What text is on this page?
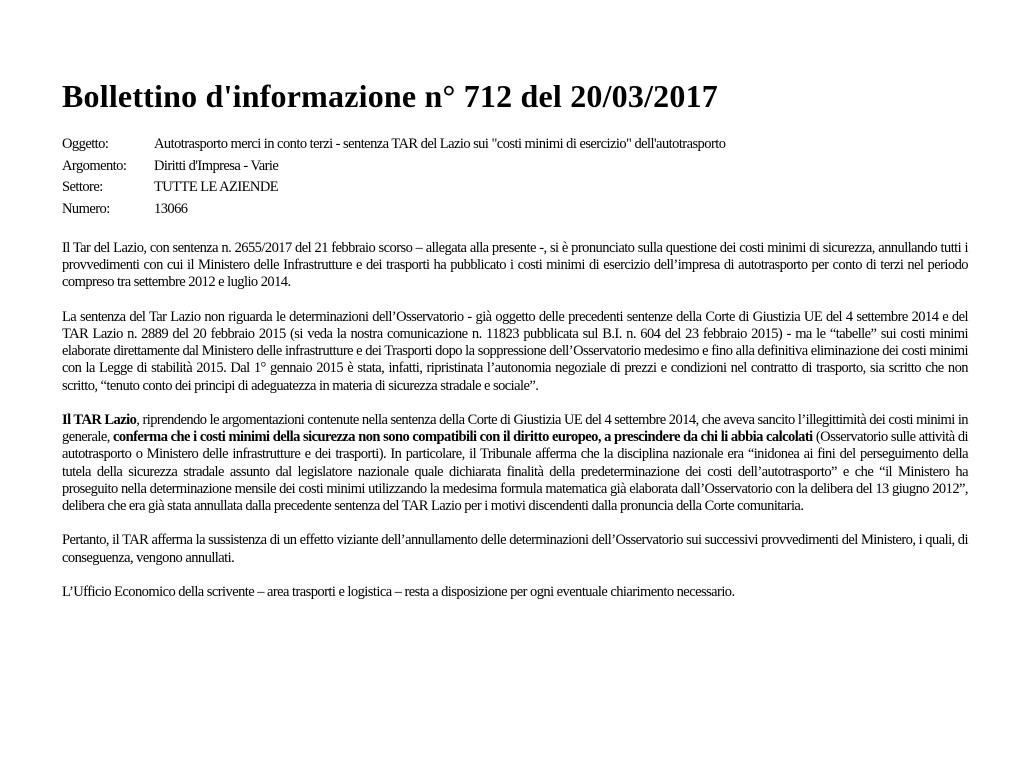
Bollettino d'informazione n° 712 del 20/03/2017
Oggetto:	Autotrasporto merci in conto terzi - sentenza TAR del Lazio sui "costi minimi di esercizio" dell'autotrasporto
Argomento:	Diritti d'Impresa - Varie
Settore:	TUTTE LE AZIENDE
Numero:	13066

Il Tar del Lazio, con sentenza n. 2655/2017 del 21 febbraio scorso – allegata alla presente -, si è pronunciato sulla questione dei costi minimi di sicurezza, annullando tutti i provvedimenti con cui il Ministero delle Infrastrutture e dei trasporti ha pubblicato i costi minimi di esercizio dell’impresa di autotrasporto per conto di terzi nel periodo compreso tra settembre 2012 e luglio 2014.

La sentenza del Tar Lazio non riguarda le determinazioni dell’Osservatorio - già oggetto delle precedenti sentenze della Corte di Giustizia UE del 4 settembre 2014 e del TAR Lazio n. 2889 del 20 febbraio 2015 (si veda la nostra comunicazione n. 11823 pubblicata sul B.I. n. 604 del 23 febbraio 2015) - ma le “tabelle” sui costi minimi elaborate direttamente dal Ministero delle infrastrutture e dei Trasporti dopo la soppressione dell’Osservatorio medesimo e fino alla definitiva eliminazione dei costi minimi con la Legge di stabilità 2015. Dal 1° gennaio 2015 è stata, infatti, ripristinata l’autonomia negoziale di prezzi e condizioni nel contratto di trasporto, sia scritto che non scritto, “tenuto conto dei principi di adeguatezza in materia di sicurezza stradale e sociale”.

Il TAR Lazio, riprendendo le argomentazioni contenute nella sentenza della Corte di Giustizia UE del 4 settembre 2014, che aveva sancito l’illegittimità dei costi minimi in generale, conferma che i costi minimi della sicurezza non sono compatibili con il diritto europeo, a prescindere da chi li abbia calcolati (Osservatorio sulle attività di autotrasporto o Ministero delle infrastrutture e dei trasporti). In particolare, il Tribunale afferma che la disciplina nazionale era “inidonea ai fini del perseguimento della tutela della sicurezza stradale assunto dal legislatore nazionale quale dichiarata finalità della predeterminazione dei costi dell’autotrasporto” e che “il Ministero ha proseguito nella determinazione mensile dei costi minimi utilizzando la medesima formula matematica già elaborata dall’Osservatorio con la delibera del 13 giugno 2012”, delibera che era già stata annullata dalla precedente sentenza del TAR Lazio per i motivi discendenti dalla pronuncia della Corte comunitaria.

Pertanto, il TAR afferma la sussistenza di un effetto viziante dell’annullamento delle determinazioni dell’Osservatorio sui successivi provvedimenti del Ministero, i quali, di conseguenza, vengono annullati.

L’Ufficio Economico della scrivente – area trasporti e logistica – resta a disposizione per ogni eventuale chiarimento necessario.
